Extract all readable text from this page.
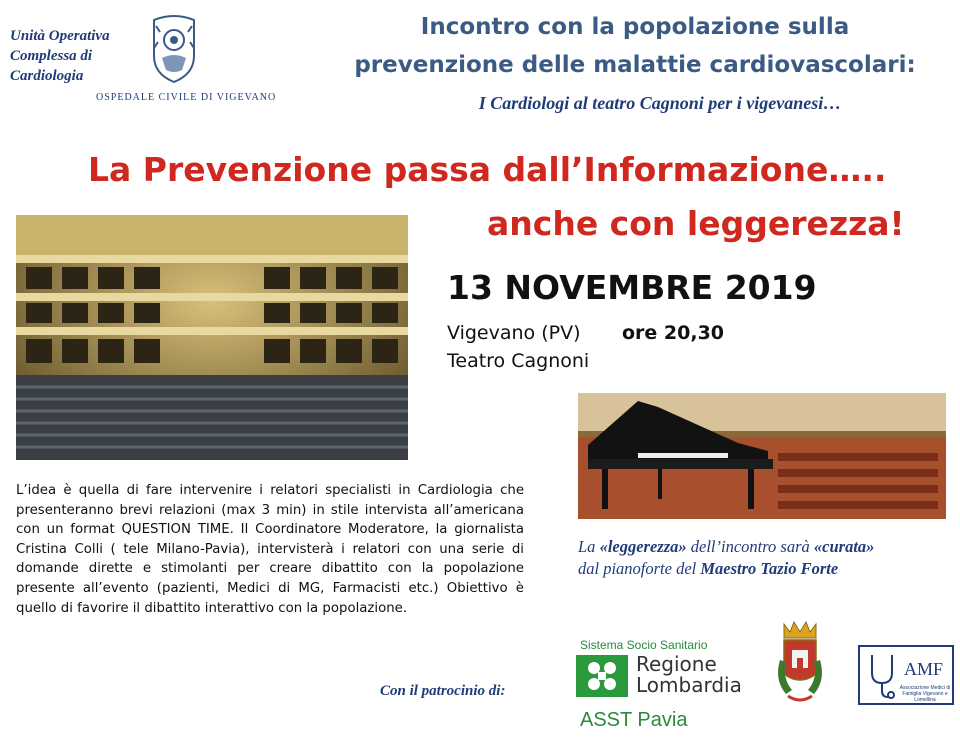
Unità Operativa
Complessa di
Cardiologia
OSPEDALE CIVILE DI VIGEVANO
Incontro con la popolazione sulla
prevenzione delle malattie cardiovascolari:
I Cardiologi al teatro Cagnoni per i vigevanesi…
La Prevenzione passa dall’Informazione…..
anche con leggerezza!
13 NOVEMBRE 2019
Vigevano (PV) ore 20,30
Teatro Cagnoni
L’idea è quella di fare intervenire i relatori specialisti in Cardiologia che presenteranno brevi relazioni (max 3 min) in stile intervista all’americana con un format QUESTION TIME. Il Coordinatore Moderatore, la giornalista Cristina Colli ( tele Milano-Pavia), intervisterà i relatori con una serie di domande dirette e stimolanti per creare dibattito con la popolazione presente all’evento (pazienti, Medici di MG, Farmacisti etc.) Obiettivo è quello di favorire il dibattito interattivo con la popolazione.
La «leggerezza» dell’incontro sarà «curata»
dal pianoforte del Maestro Tazio Forte
Con il patrocinio di:
Sistema Socio Sanitario
Regione
Lombardia
ASST Pavia
AMF
Associazione Medici di Famiglia Vigevano e Lomellina
